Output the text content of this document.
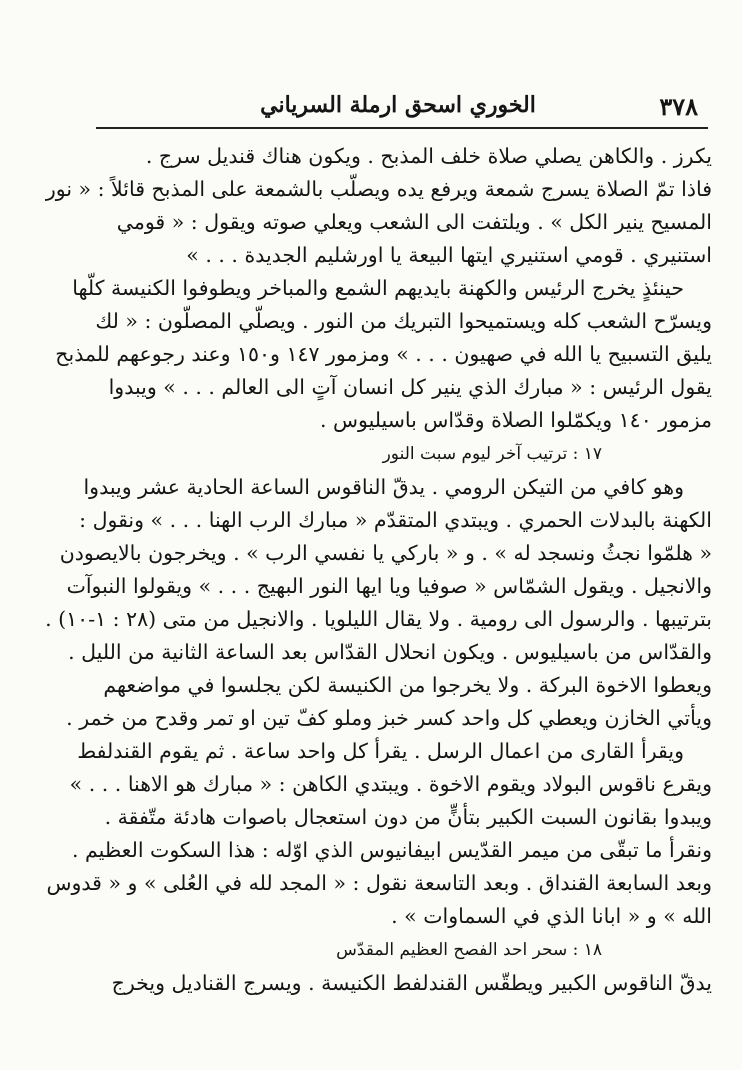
٣٧٨
الخوري اسحق ارملة السرياني
يكرز . والكاهن يصلي صلاة خلف المذبح . ويكون هناك قنديل سرج .
فاذا تمّ الصلاة يسرج شمعة ويرفع يده ويصلّب بالشمعة على المذبح قائلاً : « نور
المسيح ينير الكل » . ويلتفت الى الشعب ويعلي صوته ويقول : « قومي
استنيري . قومي استنيري ايتها البيعة يا اورشليم الجديدة . . . »
حينئذٍ يخرج الرئيس والكهنة بايديهم الشمع والمباخر ويطوفوا الكنيسة كلّها
ويسرّح الشعب كله ويستميحوا التبريك من النور . ويصلّي المصلّون : « لك
يليق التسبيح يا الله في صهيون . . . » ومزمور ١٤٧ و١٥٠ وعند رجوعهم للمذبح
يقول الرئيس : « مبارك الذي ينير كل انسان آتٍ الى العالم . . . » ويبدوا
مزمور ١٤٠ ويكمّلوا الصلاة وقدّاس باسيليوس .
١٧ : ترتيب آخر ليوم سبت النور
وهو كافي من التيكن الرومي . يدقّ الناقوس الساعة الحادية عشر ويبدوا
الكهنة بالبدلات الحمري . ويبتدي المتقدّم « مبارك الرب الهنا . . . » ونقول :
« هلمّوا نجثُ ونسجد له » . و « باركي يا نفسي الرب » . ويخرجون بالايصودن
والانجيل . ويقول الشمّاس « صوفيا ويا ايها النور البهيج . . . » ويقولوا النبوآت
بترتيبها . والرسول الى رومية . ولا يقال الليلويا . والانجيل من متى (٢٨ : ١-١٠) .
والقدّاس من باسيليوس . ويكون انحلال القدّاس بعد الساعة الثانية من الليل .
ويعطوا الاخوة البركة . ولا يخرجوا من الكنيسة لكن يجلسوا في مواضعهم
ويأتي الخازن ويعطي كل واحد كسر خبز وملو كفّ تين او تمر وقدح من خمر .
ويقرأ القارى من اعمال الرسل . يقرأ كل واحد ساعة . ثم يقوم القندلفط
ويقرع ناقوس البولاد ويقوم الاخوة . ويبتدي الكاهن : « مبارك هو الاهنا . . . »
ويبدوا بقانون السبت الكبير بتأنٍّ من دون استعجال باصوات هادئة متّفقة .
ونقرأ ما تبقّى من ميمر القدّيس ابيفانيوس الذي اوّله : هذا السكوت العظيم .
وبعد السابعة القنداق . وبعد التاسعة نقول : « المجد لله في العُلى » و « قدوس
الله » و « ابانا الذي في السماوات » .
١٨ : سحر احد الفصح العظيم المقدّس
يدقّ الناقوس الكبير ويطقّس القندلفط الكنيسة . ويسرج القناديل ويخرج
